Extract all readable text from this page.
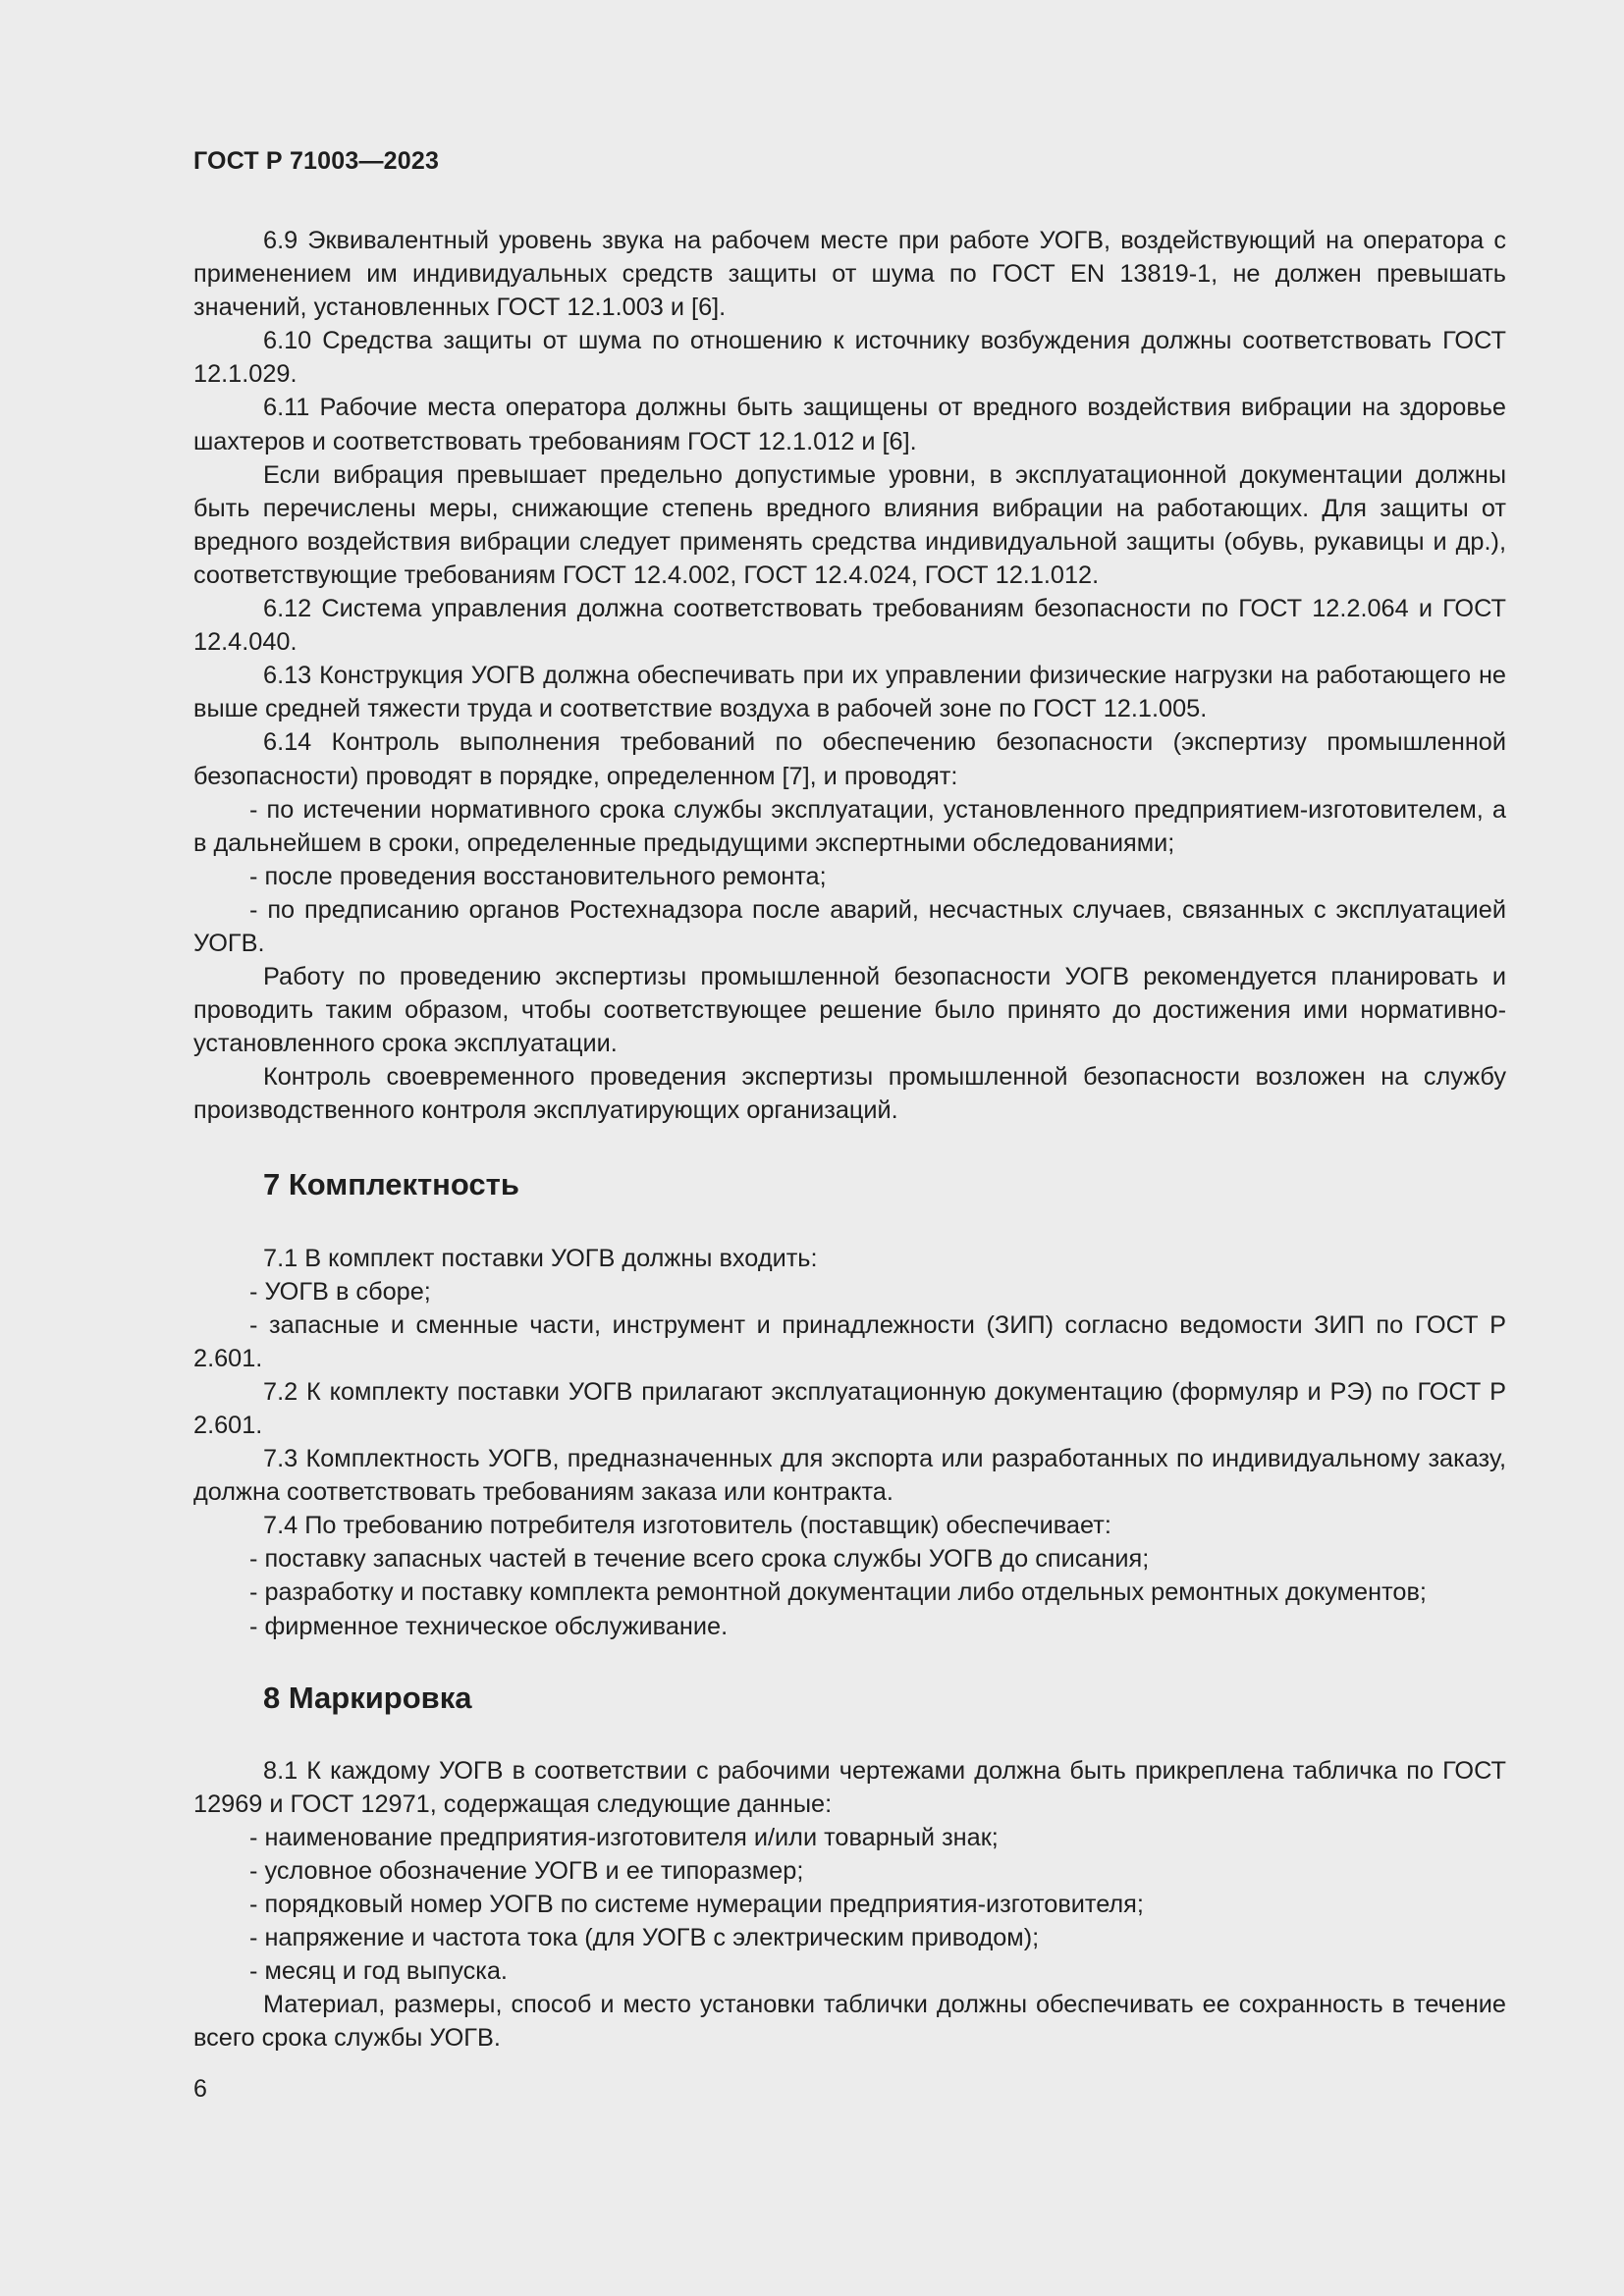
ГОСТ Р 71003—2023

6.9 Эквивалентный уровень звука на рабочем месте при работе УОГВ, воздействующий на оператора с применением им индивидуальных средств защиты от шума по ГОСТ EN 13819-1, не должен превышать значений, установленных ГОСТ 12.1.003 и [6].

6.10 Средства защиты от шума по отношению к источнику возбуждения должны соответствовать ГОСТ 12.1.029.

6.11 Рабочие места оператора должны быть защищены от вредного воздействия вибрации на здоровье шахтеров и соответствовать требованиям ГОСТ 12.1.012 и [6].

Если вибрация превышает предельно допустимые уровни, в эксплуатационной документации должны быть перечислены меры, снижающие степень вредного влияния вибрации на работающих. Для защиты от вредного воздействия вибрации следует применять средства индивидуальной защиты (обувь, рукавицы и др.), соответствующие требованиям ГОСТ 12.4.002, ГОСТ 12.4.024, ГОСТ 12.1.012.

6.12 Система управления должна соответствовать требованиям безопасности по ГОСТ 12.2.064 и ГОСТ 12.4.040.

6.13 Конструкция УОГВ должна обеспечивать при их управлении физические нагрузки на работающего не выше средней тяжести труда и соответствие воздуха в рабочей зоне по ГОСТ 12.1.005.

6.14 Контроль выполнения требований по обеспечению безопасности (экспертизу промышленной безопасности) проводят в порядке, определенном [7], и проводят:

- по истечении нормативного срока службы эксплуатации, установленного предприятием-изготовителем, а в дальнейшем в сроки, определенные предыдущими экспертными обследованиями;

- после проведения восстановительного ремонта;

- по предписанию органов Ростехнадзора после аварий, несчастных случаев, связанных с эксплуатацией УОГВ.

Работу по проведению экспертизы промышленной безопасности УОГВ рекомендуется планировать и проводить таким образом, чтобы соответствующее решение было принято до достижения ими нормативно-установленного срока эксплуатации.

Контроль своевременного проведения экспертизы промышленной безопасности возложен на службу производственного контроля эксплуатирующих организаций.

7 Комплектность

7.1 В комплект поставки УОГВ должны входить:

- УОГВ в сборе;

- запасные и сменные части, инструмент и принадлежности (ЗИП) согласно ведомости ЗИП по ГОСТ Р 2.601.

7.2 К комплекту поставки УОГВ прилагают эксплуатационную документацию (формуляр и РЭ) по ГОСТ Р 2.601.

7.3 Комплектность УОГВ, предназначенных для экспорта или разработанных по индивидуальному заказу, должна соответствовать требованиям заказа или контракта.

7.4 По требованию потребителя изготовитель (поставщик) обеспечивает:

- поставку запасных частей в течение всего срока службы УОГВ до списания;

- разработку и поставку комплекта ремонтной документации либо отдельных ремонтных документов;

- фирменное техническое обслуживание.

8 Маркировка

8.1 К каждому УОГВ в соответствии с рабочими чертежами должна быть прикреплена табличка по ГОСТ 12969 и ГОСТ 12971, содержащая следующие данные:

- наименование предприятия-изготовителя и/или товарный знак;

- условное обозначение УОГВ и ее типоразмер;

- порядковый номер УОГВ по системе нумерации предприятия-изготовителя;

- напряжение и частота тока (для УОГВ с электрическим приводом);

- месяц и год выпуска.

Материал, размеры, способ и место установки таблички должны обеспечивать ее сохранность в течение всего срока службы УОГВ.

6
